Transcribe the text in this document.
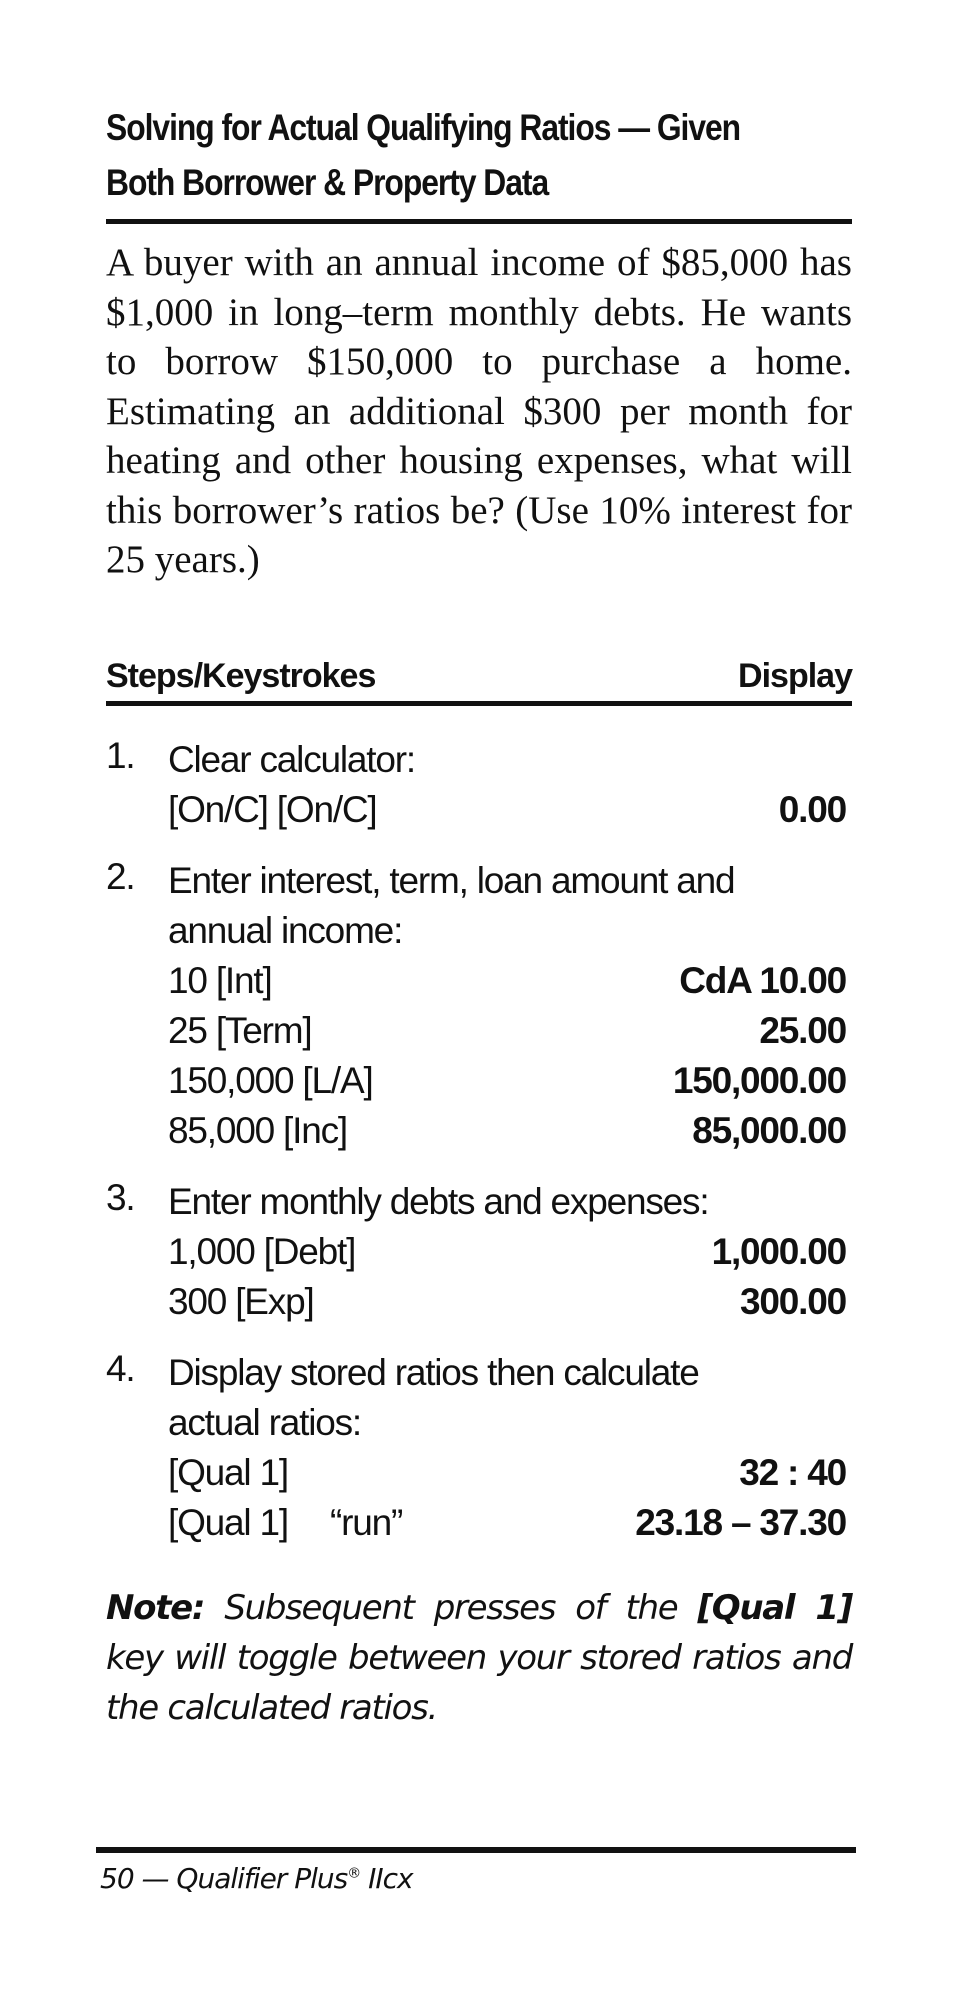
Solving for Actual Qualifying Ratios — Given
Both Borrower & Property Data

A buyer with an annual income of $85,000 has $1,000 in long–term monthly debts. He wants to borrow $150,000 to purchase a home. Estimating an additional $300 per month for heating and other housing expenses, what will this borrower’s ratios be? (Use 10% interest for 25 years.)

Steps/Keystrokes	Display
1. Clear calculator:
[On/C] [On/C]	0.00
2. Enter interest, term, loan amount and
annual income:
10 [Int]	CdA 10.00
25 [Term]	25.00
150,000 [L/A]	150,000.00
85,000 [Inc]	85,000.00
3. Enter monthly debts and expenses:
1,000 [Debt]	1,000.00
300 [Exp]	300.00
4. Display stored ratios then calculate
actual ratios:
[Qual 1]	32 : 40
[Qual 1] “run”	23.18 – 37.30

Note: Subsequent presses of the [Qual 1] key will toggle between your stored ratios and the calculated ratios.

50 — Qualifier Plus® IIcx
